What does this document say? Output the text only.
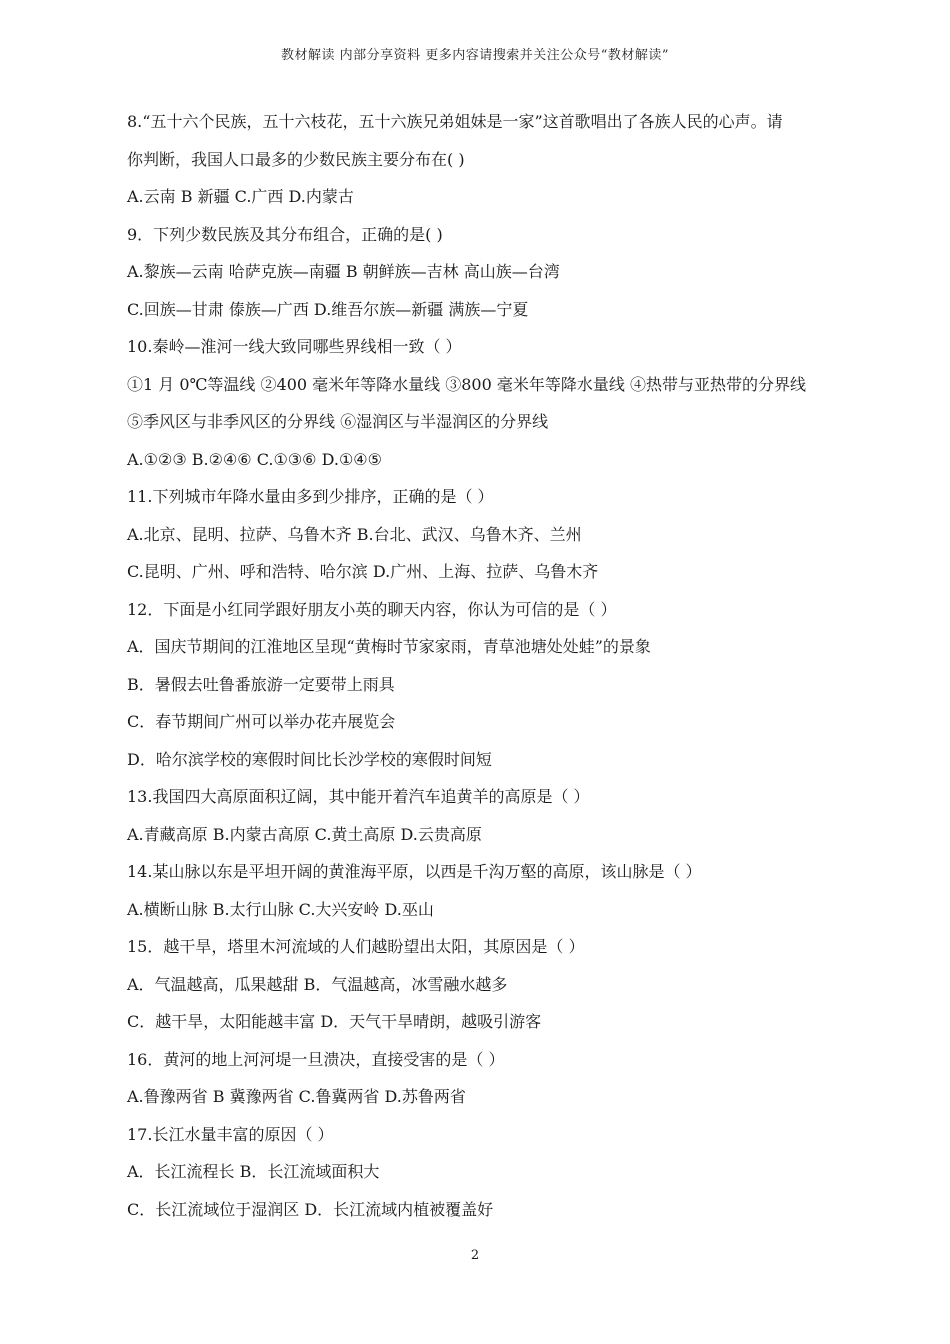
教材解读 内部分享资料 更多内容请搜索并关注公众号“教材解读”
8.“五十六个民族，五十六枝花，五十六族兄弟姐妹是一家”这首歌唱出了各族人民的心声。请
你判断，我国人口最多的少数民族主要分布在( )
A.云南 B 新疆 C.广西 D.内蒙古
9．下列少数民族及其分布组合，正确的是( )
A.黎族—云南 哈萨克族—南疆 B 朝鲜族—吉林 高山族—台湾
C.回族—甘肃 傣族—广西 D.维吾尔族—新疆 满族—宁夏
10.秦岭—淮河一线大致同哪些界线相一致（ ）
①1 月 0℃等温线 ②400 毫米年等降水量线 ③800 毫米年等降水量线 ④热带与亚热带的分界线
⑤季风区与非季风区的分界线 ⑥湿润区与半湿润区的分界线
A.①②③ B.②④⑥ C.①③⑥ D.①④⑤
11.下列城市年降水量由多到少排序，正确的是（ ）
A.北京、昆明、拉萨、乌鲁木齐 B.台北、武汉、乌鲁木齐、兰州
C.昆明、广州、呼和浩特、哈尔滨 D.广州、上海、拉萨、乌鲁木齐
12．下面是小红同学跟好朋友小英的聊天内容，你认为可信的是（ ）
A．国庆节期间的江淮地区呈现“黄梅时节家家雨，青草池塘处处蛙”的景象
B．暑假去吐鲁番旅游一定要带上雨具
C．春节期间广州可以举办花卉展览会
D．哈尔滨学校的寒假时间比长沙学校的寒假时间短
13.我国四大高原面积辽阔，其中能开着汽车追黄羊的高原是（ ）
A.青藏高原 B.内蒙古高原 C.黄土高原 D.云贵高原
14.某山脉以东是平坦开阔的黄淮海平原，以西是千沟万壑的高原，该山脉是（ ）
A.横断山脉 B.太行山脉 C.大兴安岭 D.巫山
15．越干旱，塔里木河流域的人们越盼望出太阳，其原因是（ ）
A．气温越高，瓜果越甜 B．气温越高，冰雪融水越多
C．越干旱，太阳能越丰富 D．天气干旱晴朗，越吸引游客
16．黄河的地上河河堤一旦溃决，直接受害的是（ ）
A.鲁豫两省 B 冀豫两省 C.鲁冀两省 D.苏鲁两省
17.长江水量丰富的原因（ ）
A．长江流程长 B．长江流域面积大
C．长江流域位于湿润区 D．长江流域内植被覆盖好
2
